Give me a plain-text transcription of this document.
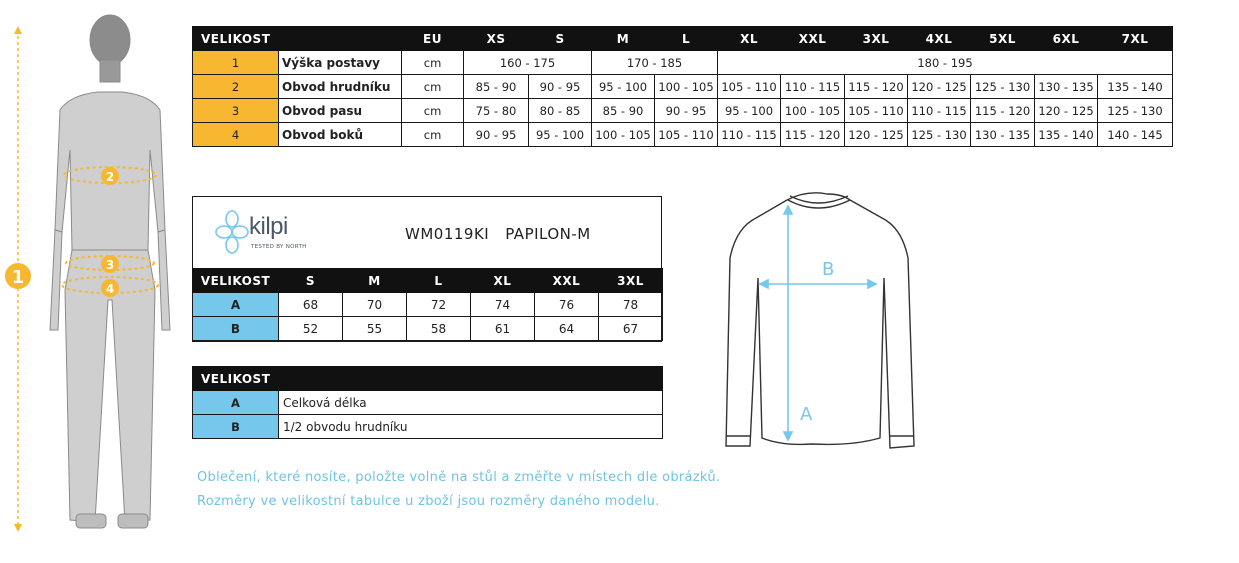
1
2
3
4
VELIKOST		EU	XS	S	M	L	XL	XXL	3XL	4XL	5XL	6XL	7XL
1	Výška postavy	cm	160 - 175		170 - 185		180 - 195						
2	Obvod hrudníku	cm	85 - 90	90 - 95	95 - 100	100 - 105	105 - 110	110 - 115	115 - 120	120 - 125	125 - 130	130 - 135	135 - 140
3	Obvod pasu	cm	75 - 80	80 - 85	85 - 90	90 - 95	95 - 100	100 - 105	105 - 110	110 - 115	115 - 120	120 - 125	125 - 130
4	Obvod boků	cm	90 - 95	95 - 100	100 - 105	105 - 110	110 - 115	115 - 120	120 - 125	125 - 130	130 - 135	135 - 140	140 - 145
kilpi
TESTED BY NORTH
WM0119KI PAPILON-M
VELIKOST	S	M	L	XL	XXL	3XL
A	68	70	72	74	76	78
B	52	55	58	61	64	67
VELIKOST	
A	Celková délka
B	1/2 obvodu hrudníku
Oblečení, které nosíte, položte volně na stůl a změřte v místech dle obrázků.
Rozměry ve velikostní tabulce u zboží jsou rozměry daného modelu.
A
B
